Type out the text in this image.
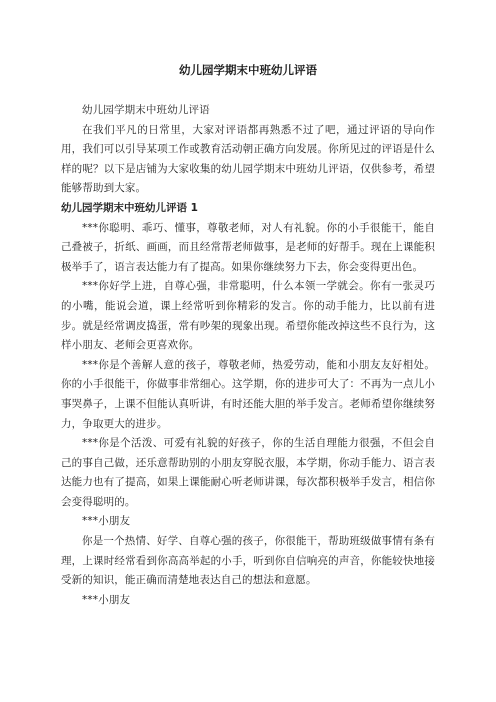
幼儿园学期末中班幼儿评语

幼儿园学期末中班幼儿评语

在我们平凡的日常里，大家对评语都再熟悉不过了吧，通过评语的导向作用，我们可以引导某项工作或教育活动朝正确方向发展。你所见过的评语是什么样的呢？以下是店铺为大家收集的幼儿园学期末中班幼儿评语，仅供参考，希望能够帮助到大家。

幼儿园学期末中班幼儿评语 1

***你聪明、乖巧、懂事，尊敬老师，对人有礼貌。你的小手很能干，能自己叠被子，折纸、画画，而且经常帮老师做事，是老师的好帮手。现在上课能积极举手了，语言表达能力有了提高。如果你继续努力下去，你会变得更出色。

***你好学上进，自尊心强，非常聪明，什么本领一学就会。你有一张灵巧的小嘴，能说会道，课上经常听到你精彩的发言。你的动手能力，比以前有进步。就是经常调皮捣蛋，常有吵架的现象出现。希望你能改掉这些不良行为，这样小朋友、老师会更喜欢你。

***你是个善解人意的孩子，尊敬老师，热爱劳动，能和小朋友友好相处。你的小手很能干，你做事非常细心。这学期，你的进步可大了：不再为一点儿小事哭鼻子，上课不但能认真听讲，有时还能大胆的举手发言。老师希望你继续努力，争取更大的进步。

***你是个活泼、可爱有礼貌的好孩子，你的生活自理能力很强，不但会自己的事自己做，还乐意帮助别的小朋友穿脱衣服，本学期，你动手能力、语言表达能力也有了提高，如果上课能耐心听老师讲课，每次都积极举手发言，相信你会变得聪明的。

***小朋友

你是一个热情、好学、自尊心强的孩子，你很能干，帮助班级做事情有条有理，上课时经常看到你高高举起的小手，听到你自信响亮的声音，你能较快地接受新的知识，能正确而清楚地表达自己的想法和意愿。

***小朋友
